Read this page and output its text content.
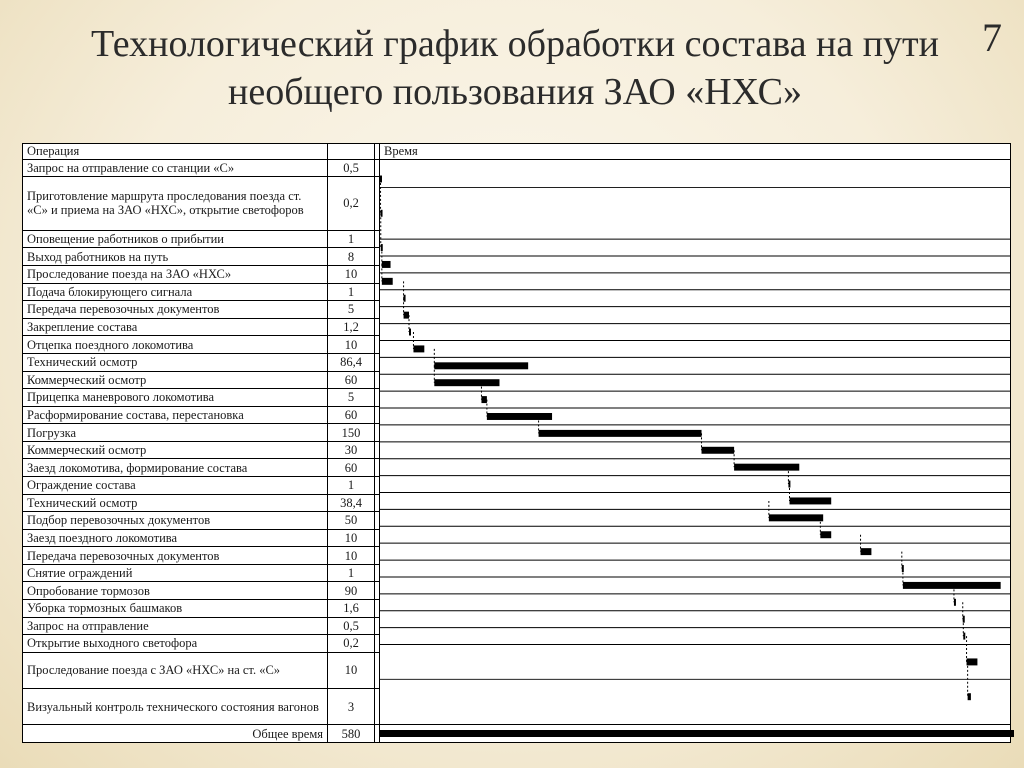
Технологический график обработки состава на пути необщего пользования ЗАО «НХС»
7
Операция			Время
Запрос на отправление со станции «С»	0,5		

Приготовление маршрута проследования поезда ст. «С» и приема на ЗАО «НХС», открытие светофоров	0,2		
Оповещение работников о прибытии	1		
Выход работников на путь	8		
Проследование поезда на ЗАО «НХС»	10		
Подача блокирующего сигнала	1		
Передача перевозочных документов	5		
Закрепление состава	1,2		
Отцепка поездного локомотива	10		
Технический осмотр	86,4		
Коммерческий осмотр	60		
Прицепка маневрового локомотива	5		
Расформирование состава, перестановка	60		
Погрузка	150		
Коммерческий осмотр	30		
Заезд локомотива, формирование состава	60		
Ограждение состава	1		
Технический осмотр	38,4		
Подбор перевозочных документов	50		
Заезд поездного локомотива	10		
Передача перевозочных документов	10		
Снятие ограждений	1		
Опробование тормозов	90		
Уборка тормозных башмаков	1,6		
Запрос на отправление	0,5		
Открытие выходного светофора	0,2		
Проследование поезда с ЗАО «НХС» на ст. «С»	10		
Визуальный контроль технического состояния вагонов	3		
Общее время	580		
